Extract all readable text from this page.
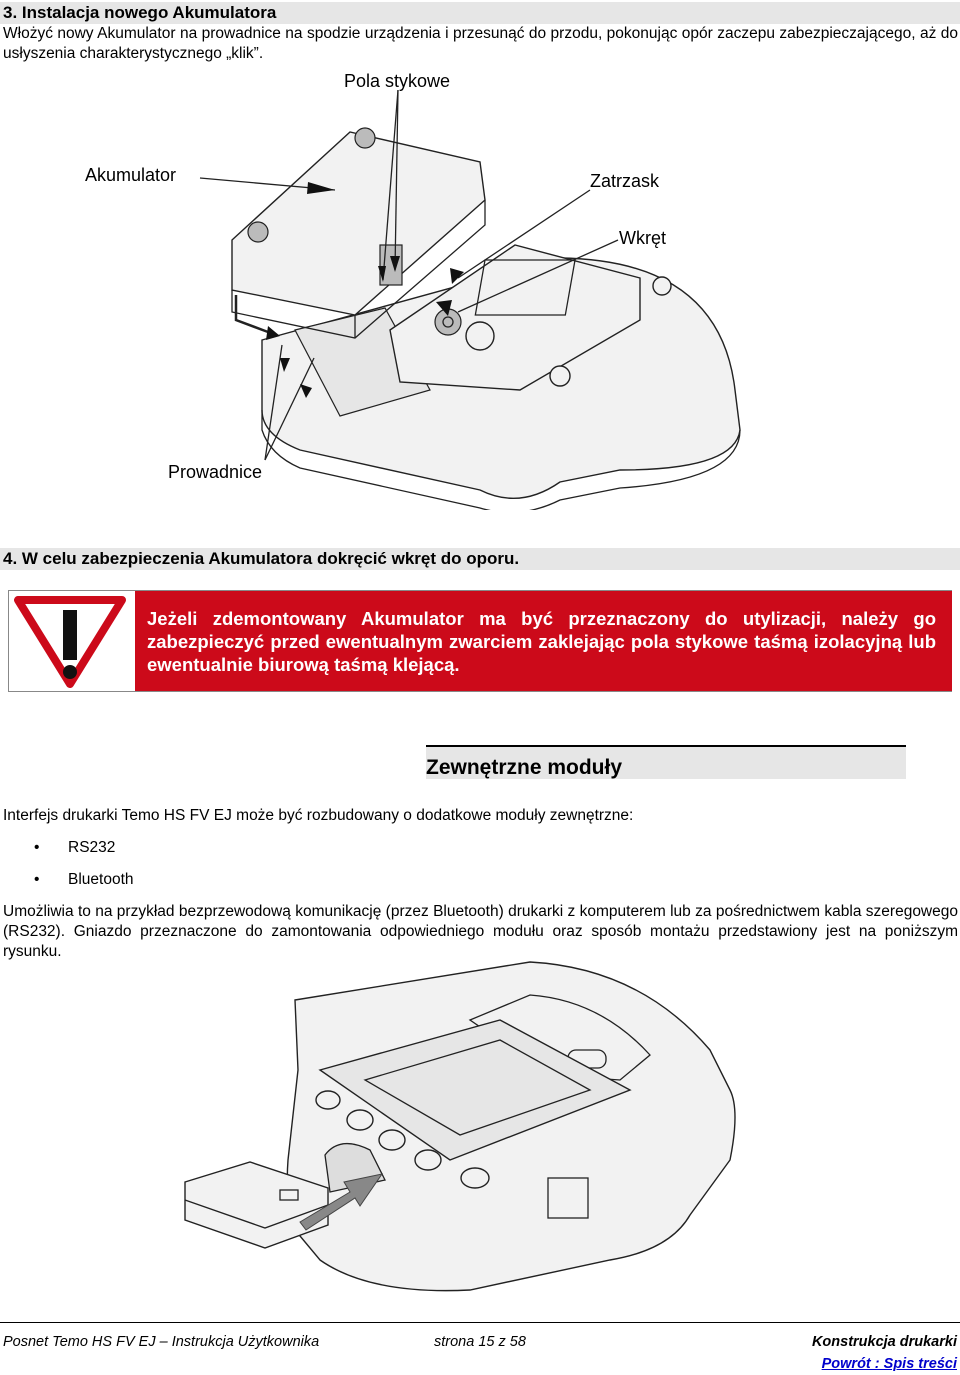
3. Instalacja nowego Akumulatora
Włożyć nowy Akumulator na prowadnice na spodzie urządzenia i przesunąć do przodu, pokonując opór zaczepu zabezpieczającego, aż do usłyszenia charakterystycznego „klik”.
Pola stykowe
Akumulator	Zatrzask
Wkręt
Prowadnice
4. W celu zabezpieczenia Akumulatora dokręcić wkręt do oporu.
Jeżeli zdemontowany Akumulator ma być przeznaczony do utylizacji, należy go zabezpieczyć przed ewentualnym zwarciem zaklejając pola stykowe taśmą izolacyjną lub ewentualnie biurową taśmą klejącą.
Zewnętrzne moduły
Interfejs drukarki Temo HS FV EJ może być rozbudowany o dodatkowe moduły zewnętrzne:
• RS232
• Bluetooth
Umożliwia to na przykład bezprzewodową komunikację (przez Bluetooth) drukarki z komputerem lub za pośrednictwem kabla szeregowego (RS232). Gniazdo przeznaczone do zamontowania odpowiedniego modułu oraz sposób montażu przedstawiony jest na poniższym rysunku.
Posnet Temo HS FV EJ – Instrukcja Użytkownika	strona 15 z 58	Konstrukcja drukarki
Powrót : Spis treści
